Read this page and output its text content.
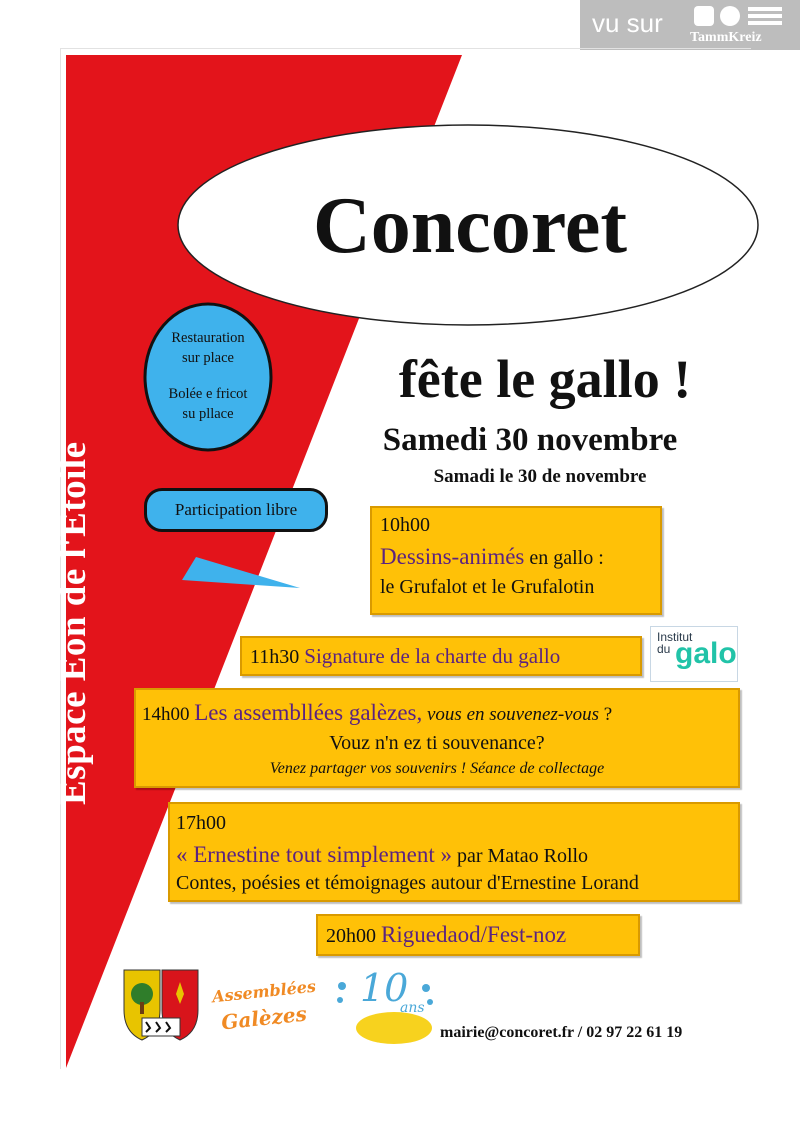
vu sur TammKreiz
Concoret
fête le gallo !
Samedi 30 novembre
Samadi le 30 de novembre
Espace Eon de l'Etoile
Restauration
sur place
Bolée e fricot
su pllace
Participation libre
10h00
Dessins-animés en gallo :
le Grufalot et le Grufalotin
11h30 Signature de la charte du gallo
Institut
du galo
14h00 Les assembllées galèzes, vous en souvenez-vous ?
Vouz n'n ez ti souvenance?
Venez partager vos souvenirs ! Séance de collectage
17h00
« Ernestine tout simplement » par Matao Rollo
Contes, poésies et témoignages autour d'Ernestine Lorand
20h00 Riguedaod/Fest-noz
Assemblées
Galèzes
10
ans
mairie@concoret.fr / 02 97 22 61 19
